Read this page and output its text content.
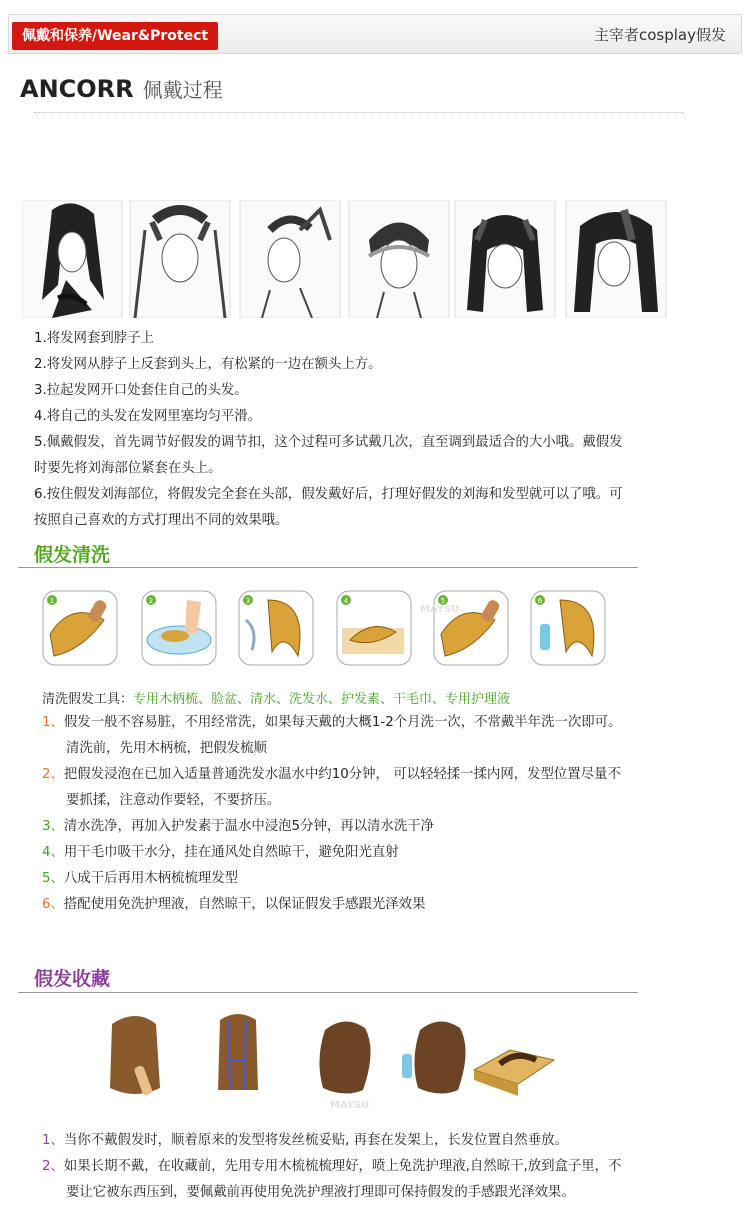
佩戴和保养/Wear&Protect	主宰者cosplay假发
ANCORR 佩戴过程

1.将发网套到脖子上

2.将发网从脖子上反套到头上，有松紧的一边在额头上方。

3.拉起发网开口处套住自己的头发。

4.将自己的头发在发网里塞均匀平滑。

5.佩戴假发，首先调节好假发的调节扣，这个过程可多试戴几次，直至调到最适合的大小哦。戴假发

时要先将刘海部位紧套在头上。

6.按住假发刘海部位，将假发完全套在头部，假发戴好后，打理好假发的刘海和发型就可以了哦。可

按照自己喜欢的方式打理出不同的效果哦。

假发清洗
1	2	3	4	5	6
清洗假发工具：专用木柄梳、脸盆、清水、洗发水、护发素、干毛巾、专用护理液

1、假发一般不容易脏，不用经常洗，如果每天戴的大概1-2个月洗一次，不常戴半年洗一次即可。

清洗前，先用木柄梳，把假发梳顺

2、把假发浸泡在已加入适量普通洗发水温水中约10分钟， 可以轻轻揉一揉内网，发型位置尽量不

要抓揉，注意动作要轻，不要挤压。

3、清水洗净，再加入护发素于温水中浸泡5分钟，再以清水洗干净

4、用干毛巾吸干水分，挂在通风处自然晾干，避免阳光直射

5、八成干后再用木柄梳梳理发型

6、搭配使用免洗护理液，自然晾干，以保证假发手感跟光泽效果

假发收藏

1、当你不戴假发时，顺着原来的发型将发丝梳妥贴, 再套在发架上，长发位置自然垂放。

2、如果长期不戴，在收藏前，先用专用木梳梳梳理好，喷上免洗护理液,自然晾干,放到盒子里，不

要让它被东西压到，要佩戴前再使用免洗护理液打理即可保持假发的手感跟光泽效果。

MAYSU
MAYSU
